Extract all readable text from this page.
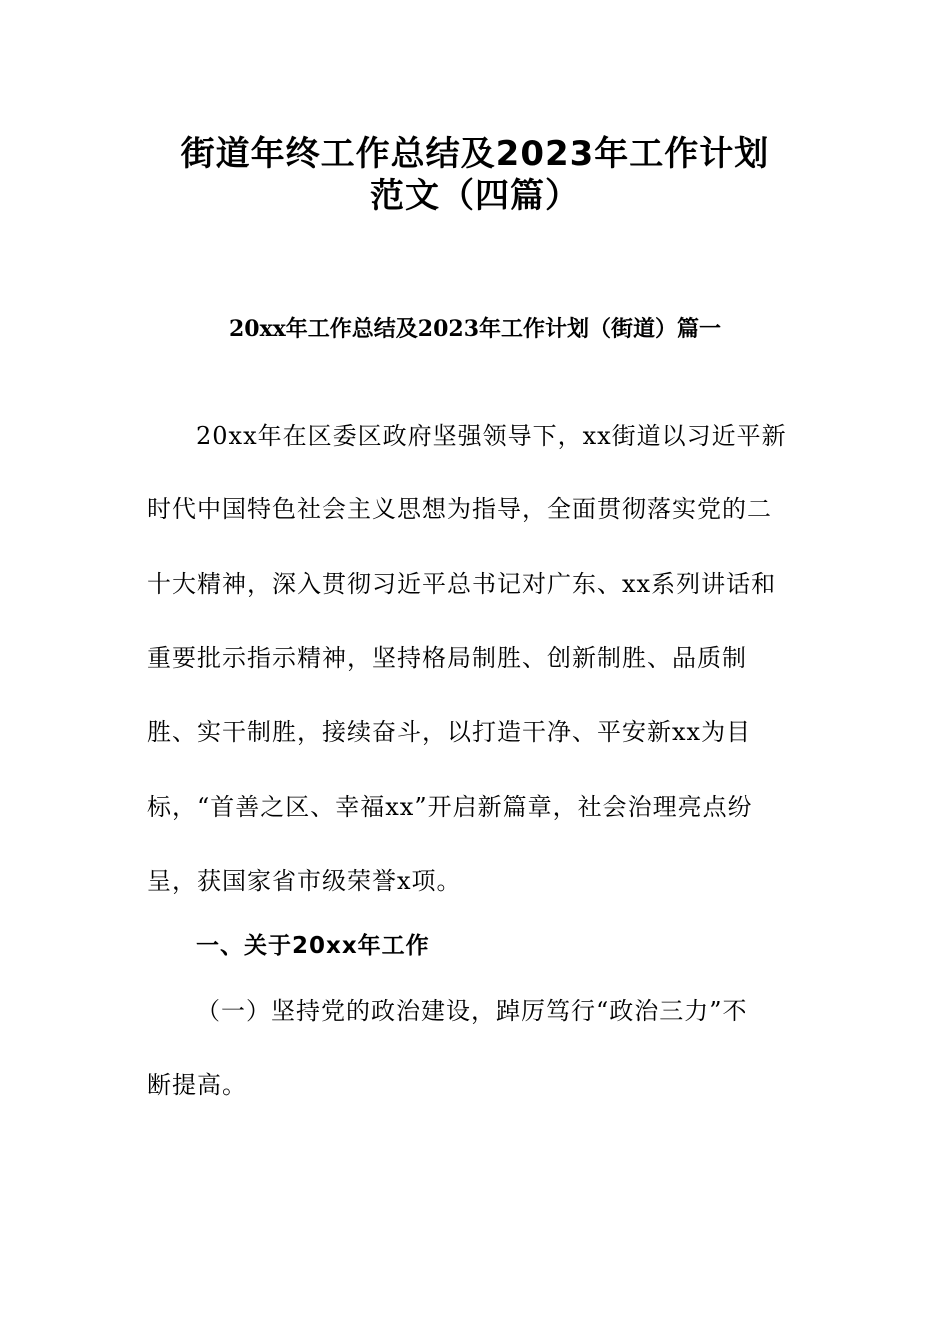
街道年终工作总结及2023年工作计划
范文（四篇）
20xx年工作总结及2023年工作计划（街道）篇一
20xx年在区委区政府坚强领导下，xx街道以习近平新
时代中国特色社会主义思想为指导，全面贯彻落实党的二
十大精神，深入贯彻习近平总书记对广东、xx系列讲话和
重要批示指示精神，坚持格局制胜、创新制胜、品质制
胜、实干制胜，接续奋斗，以打造干净、平安新xx为目
标，“首善之区、幸福xx”开启新篇章，社会治理亮点纷
呈，获国家省市级荣誉x项。
一、关于20xx年工作
（一）坚持党的政治建设，踔厉笃行“政治三力”不
断提高。
